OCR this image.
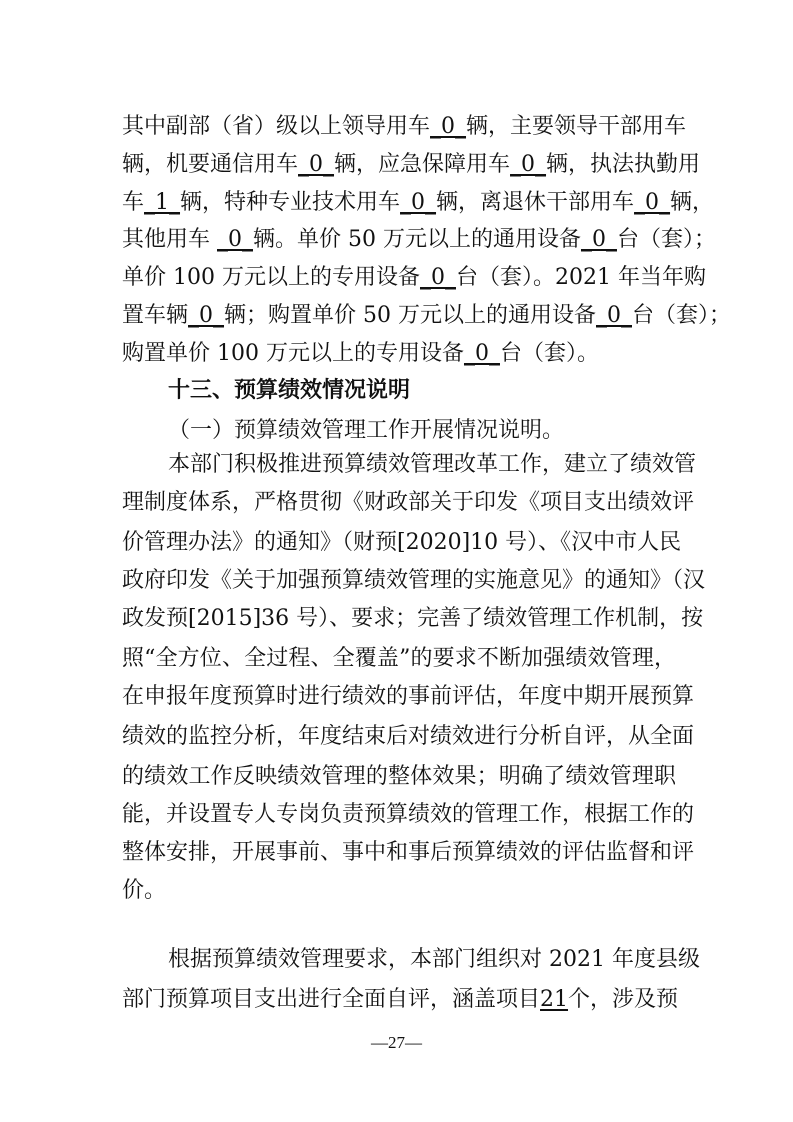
其中副部（省）级以上领导用车_0_辆，主要领导干部用车
辆，机要通信用车_0_辆，应急保障用车_0_辆，执法执勤用
车_1_辆，特种专业技术用车_0_辆，离退休干部用车_0_辆，
其他用车 _0_辆。单价 50 万元以上的通用设备_0_台（套）；
单价 100 万元以上的专用设备_0_台（套）。2021 年当年购
置车辆_0_辆；购置单价 50 万元以上的通用设备_0_台（套）；
购置单价 100 万元以上的专用设备_0_台（套）。
十三、预算绩效情况说明
（一）预算绩效管理工作开展情况说明。
本部门积极推进预算绩效管理改革工作，建立了绩效管
理制度体系，严格贯彻《财政部关于印发《项目支出绩效评
价管理办法》的通知》（财预[2020]10 号）、《汉中市人民
政府印发《关于加强预算绩效管理的实施意见》的通知》（汉
政发预[2015]36 号）、要求；完善了绩效管理工作机制，按
照“全方位、全过程、全覆盖”的要求不断加强绩效管理，
在申报年度预算时进行绩效的事前评估，年度中期开展预算
绩效的监控分析，年度结束后对绩效进行分析自评，从全面
的绩效工作反映绩效管理的整体效果；明确了绩效管理职
能，并设置专人专岗负责预算绩效的管理工作，根据工作的
整体安排，开展事前、事中和事后预算绩效的评估监督和评
价。
根据预算绩效管理要求，本部门组织对 2021 年度县级
部门预算项目支出进行全面自评，涵盖项目21个，涉及预
—27—
